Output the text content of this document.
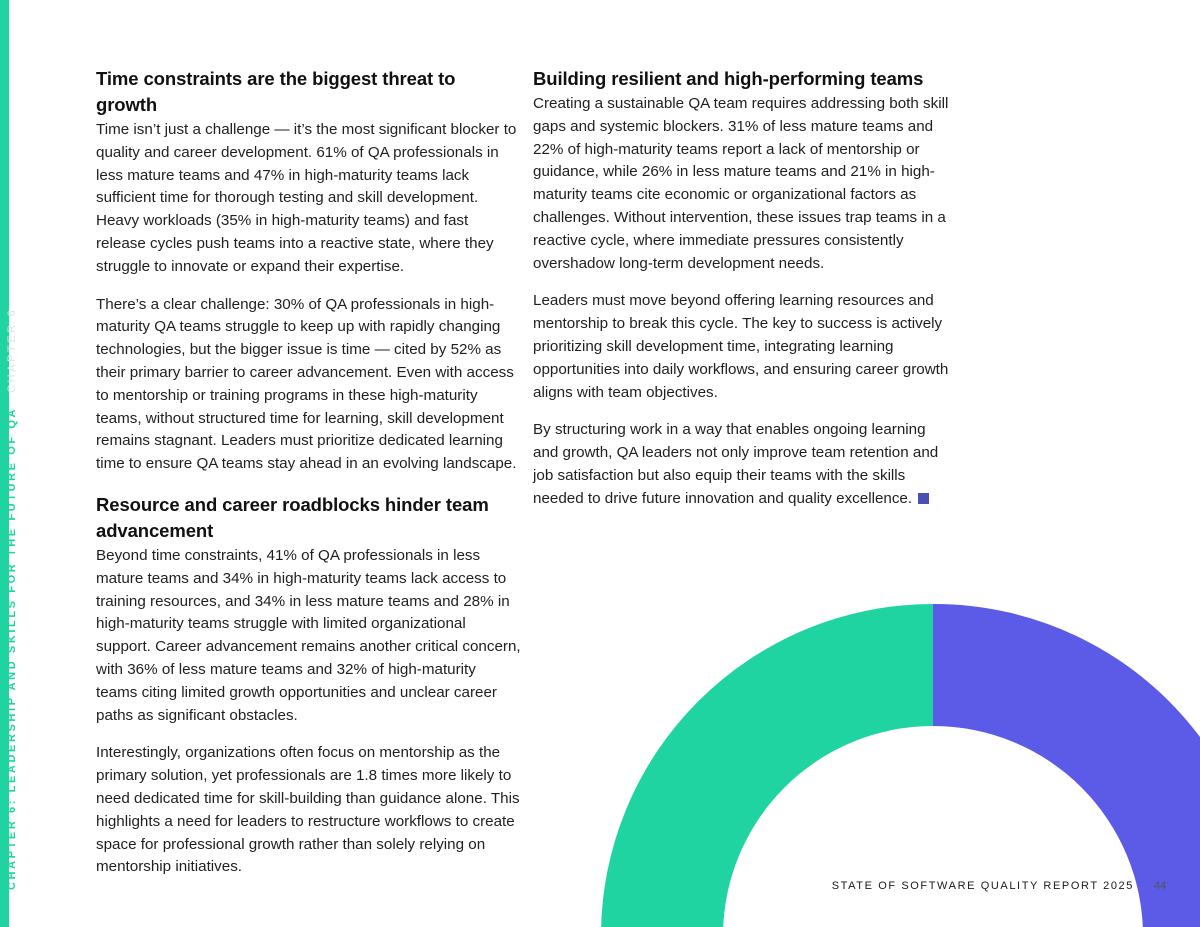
CHAPTER 6: LEADERSHIP AND SKILLS FOR THE FUTURE OF QACHAPTER 6
Time constraints are the biggest threat to growth

Time isn’t just a challenge — it’s the most significant blocker to quality and career development. 61% of QA professionals in less mature teams and 47% in high-maturity teams lack sufficient time for thorough testing and skill development. Heavy workloads (35% in high-maturity teams) and fast release cycles push teams into a reactive state, where they struggle to innovate or expand their expertise.

There’s a clear challenge: 30% of QA professionals in high-maturity QA teams struggle to keep up with rapidly changing technologies, but the bigger issue is time — cited by 52% as their primary barrier to career advancement. Even with access to mentorship or training programs in these high-maturity teams, without structured time for learning, skill development remains stagnant. Leaders must prioritize dedicated learning time to ensure QA teams stay ahead in an evolving landscape.

Resource and career roadblocks hinder team advancement

Beyond time constraints, 41% of QA professionals in less mature teams and 34% in high-maturity teams lack access to training resources, and 34% in less mature teams and 28% in high-maturity teams struggle with limited organizational support. Career advancement remains another critical concern, with 36% of less mature teams and 32% of high-maturity teams citing limited growth opportunities and unclear career paths as significant obstacles.

Interestingly, organizations often focus on mentorship as the primary solution, yet professionals are 1.8 times more likely to need dedicated time for skill-building than guidance alone. This highlights a need for leaders to restructure workflows to create space for professional growth rather than solely relying on mentorship initiatives.

Building resilient and high-performing teams

Creating a sustainable QA team requires addressing both skill gaps and systemic blockers. 31% of less mature teams and 22% of high-maturity teams report a lack of mentorship or guidance, while 26% in less mature teams and 21% in high-maturity teams cite economic or organizational factors as challenges. Without intervention, these issues trap teams in a reactive cycle, where immediate pressures consistently overshadow long-term development needs.

Leaders must move beyond offering learning resources and mentorship to break this cycle. The key to success is actively prioritizing skill development time, integrating learning opportunities into daily workflows, and ensuring career growth aligns with team objectives.

By structuring work in a way that enables ongoing learning and growth, QA leaders not only improve team retention and job satisfaction but also equip their teams with the skills needed to drive future innovation and quality excellence.

STATE OF SOFTWARE QUALITY REPORT 2025 44
